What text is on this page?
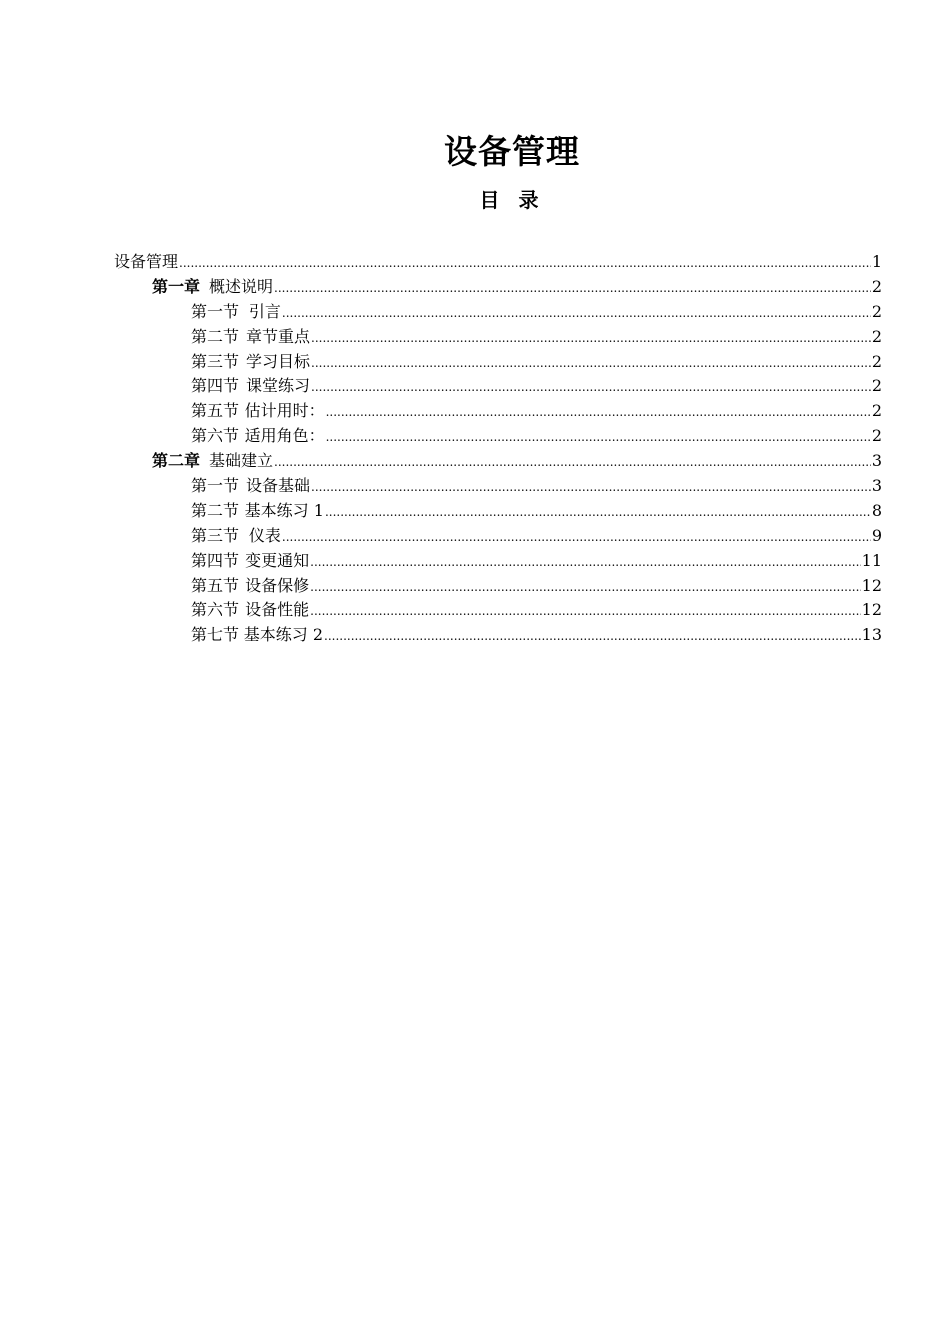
设备管理
目 录
设备管理 .....	1
第一章 概述说明 .....	2
第一节 引言 .....	2
第二节 章节重点 .....	2
第三节 学习目标 .....	2
第四节 课堂练习 .....	2
第五节 估计用时： .....	2
第六节 适用角色： .....	2
第二章 基础建立 .....	3
第一节 设备基础 .....	3
第二节 基本练习 1 .....	8
第三节 仪表 .....	9
第四节 变更通知 .....	11
第五节 设备保修 .....	12
第六节 设备性能 .....	12
第七节 基本练习 2 .....	13
